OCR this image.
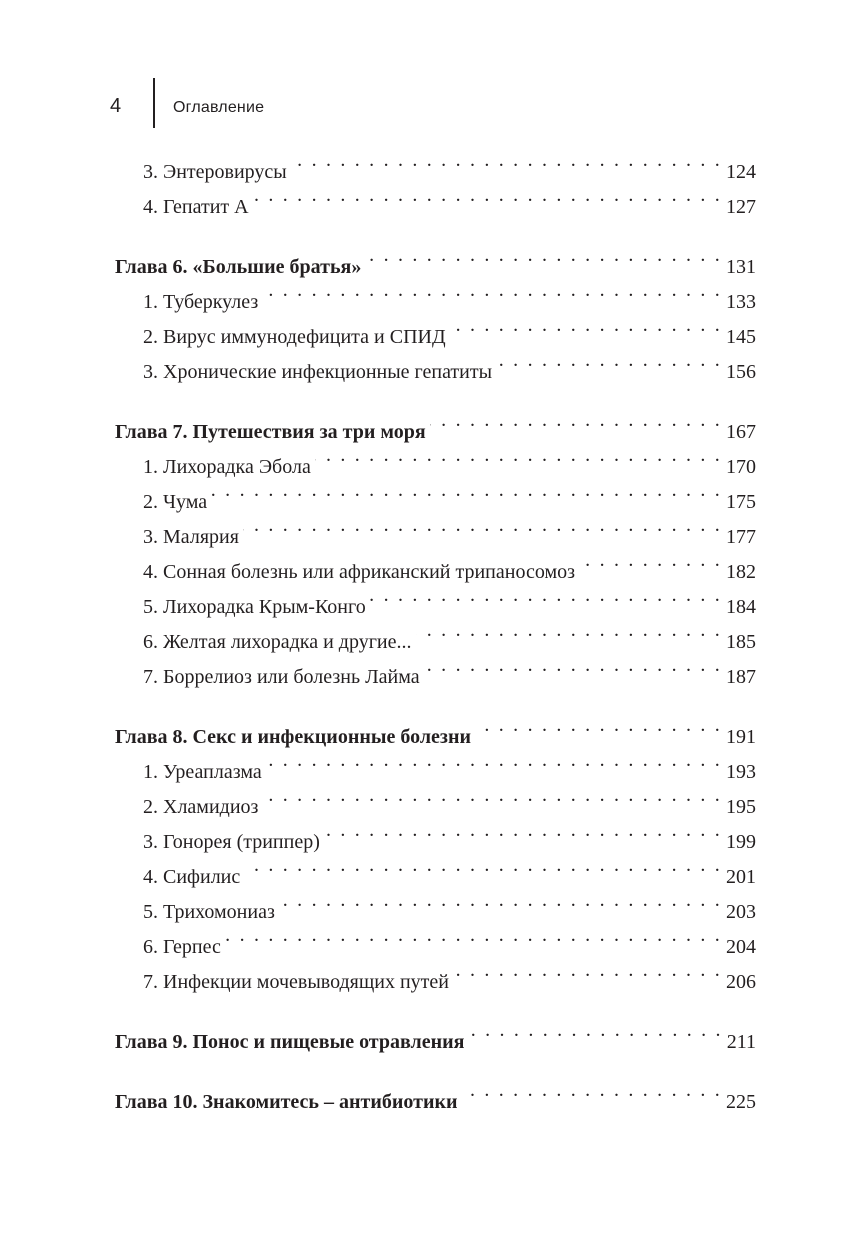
4	Оглавление
3. Энтеровирусы . . .	124
4. Гепатит А . . .	127
Глава 6. «Большие братья» . . .	131
1. Туберкулез . . .	133
2. Вирус иммунодефицита и СПИД . . .	145
3. Хронические инфекционные гепатиты . . .	156
Глава 7. Путешествия за три моря . . .	167
1. Лихорадка Эбола . . .	170
2. Чума . . .	175
3. Малярия . . .	177
4. Сонная болезнь или африканский трипаносомоз . . .	182
5. Лихорадка Крым-Конго . . .	184
6. Желтая лихорадка и другие... . . .	185
7. Боррелиоз или болезнь Лайма . . .	187
Глава 8. Секс и инфекционные болезни . . .	191
1. Уреаплазма . . .	193
2. Хламидиоз . . .	195
3. Гонорея (триппер) . . .	199
4. Сифилис . . .	201
5. Трихомониаз . . .	203
6. Герпес . . .	204
7. Инфекции мочевыводящих путей . . .	206
Глава 9. Понос и пищевые отравления . . .	211
Глава 10. Знакомитесь – антибиотики . . .	225
